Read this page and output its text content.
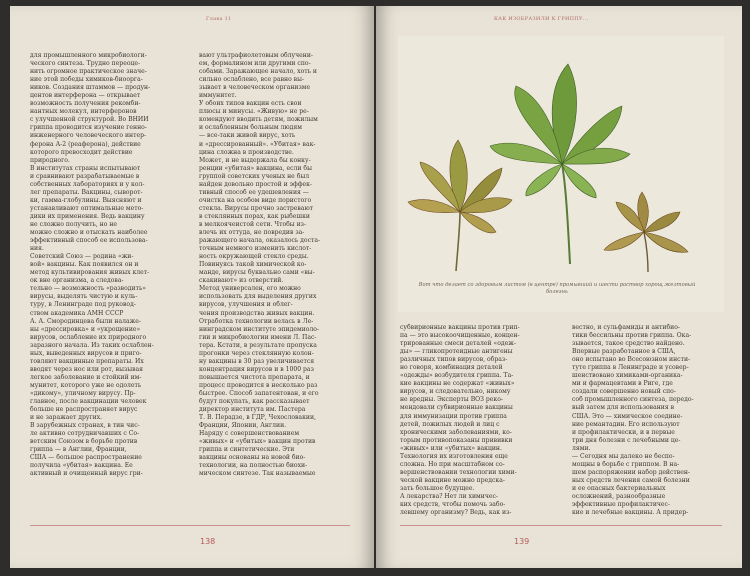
Глава 11
для промышленного микробиологи-
ческого синтеза. Трудно переоце-
нить огромное практическое значе-
ние этой победы химиков-биоорга-
ников. Создания штаммов — продун-
центов интерферона — открывает
возможность получения рекомби-
нантных молекул, интерферонов
с улучшенной структурой. Во ВНИИ
гриппа проводится изучение генно-
инженерного человеческого интер-
ферона А-2 (реаферона), действие
которого превосходит действие
природного.
В институтах страны испытывают
и сравнивают разрабатываемые в
собственных лабораториях и у кол-
лег препараты. Вакцины, сыворот-
ки, гамма-глобулины. Выясняют и
устанавливают оптимальные мето-
дики их применения. Ведь вакцину
не сложно получить, но не
можно сложно и отыскать наиболее
эффективный способ ее использова-
ния.
Советский Союз — родина «жи-
вой» вакцины. Как появился он и
метод культивирования живых клет-
ок вне организма, а следова-
тельно — возможность «разводить»
вирусы, выделять чистую и куль-
туру, в Ленинграде под руковод-
ством академика АМН СССР
А. А. Смородинцева были налаже-
ны «дрессировка» и «укрощение»
вирусов, ослабление их природного
заразного начала. Из таких ослаблен-
ных, выведенных вирусов и приго-
товляют вакцинные препараты. Их
вводят через нос или рот, вызывая
легкое заболевание и стойкий им-
мунитет, которого уже не одолеть
«дикому», уличному вирусу. Пр-
главное, после вакцинации человек
больше не распространяет вирус
и не заражает других.
В зарубежных странах, в тин чис-
ле активно сотрудничавших с Со-
ветским Союзом в борьбе против
гриппа — в Англии, Франции,
США — большое распространение
получила «убитая» вакцина. Ее
активный и очищенный вирус гри-
вают ультрафиолетовым облучени-
ем, формалином или другими спо-
собами. Заражающее начало, хоть и
сильно ослаблено, все равно вы-
зывает в человеческом организме
иммунитет.
У обоих типов вакцин есть свои
плюсы и минусы. «Живую» не ре-
комендуют вводить детям, пожилым
и ослабленным больным людям
— все-таки живой вирус, хоть
и «дрессированный». «Убитая» вак-
цина сложна в производстве.
Может, и не выдержала бы конку-
ренции «убитая» вакцина, если бы
группой советских ученых не был
найден довольно простой и эффек-
тивный способ ее удешевления —
очистка на особом виде пористого
стекла. Вирусы прочно застревают
в стеклянных порах, как рыбешки
в мелкоячеистой сети. Чтобы из-
влечь их оттуда, не повредив за-
ражающего начала, оказалось доста-
точным немного изменить кислот-
ность окружающей стекло среды.
Повинуясь такой химической ко-
манде, вирусы буквально сами «вы-
скакивают» из отверстий.
Метод универсален, его можно
использовать для выделения других
вирусов, улучшения и облег-
чения производства живых вакцин.
Отработка технологии велась в Ле-
нинградском институте эпидемиоло-
гии и микробиологии имени Л. Пас-
тера. Кстати, в результате пропуска
прогонки через стеклянную колон-
ну вакцины в 30 раз увеличивается
концентрация вирусов и в 1000 раз
повышается чистота препарата, и
процесс проводится в несколько раз
быстрее. Способ запатентован, и его
будут покупать, как рассказывает
директор института им. Пастера
Т. В. Перадзе, в ГДР, Чехословакии,
Франции, Японии, Англии.
Наряду с совершенствованием
«живых» и «убитых» вакцин против
гриппа и синтетические. Эти
вакцины основаны на новой био-
технологии, на полностью биохи-
мическом синтезе. Так называемые
138
КАК ИЗОБРАЗИЛИ К ГРИППУ...
Вот что делает со здоровым листом (в центре) промывший и шести раствор хорощ желтовый
болезнь
субвирионные вакцины против грип-
па — это высокоочищенные, концен-
трированные смеси деталей «одеж-
ды» — гликопротеидные антигены
различных типов вирусов, образ-
но говоря, комбинация деталей
«одежды» возбудителя гриппа. Та-
кие вакцины не содержат «живых»
вирусов, и следовательно, никому
не вредны. Эксперты ВОЗ реко-
мендовали субвирионные вакцины
для иммунизации против гриппа
детей, пожилых людей и лиц с
хроническими заболеваниями, ко-
торым противопоказаны прививки
«живых» или «убитых» вакцин.
Технология их изготовления еще
сложна. Но при масштабном со-
вершенствовании технологии хими-
ческой вакцине можно предска-
зать большое будущее.
А лекарства? Нет ли химичес-
ких средств, чтобы помочь забо-
левшему организму? Ведь, как из-
вестно, и сульфамиды и антибио-
тики бессильны против гриппа. Ока-
зывается, такое средство найдено.
Впервые разработанное в США,
оно испытано во Всесоюзном инсти-
туте гриппа в Ленинграде и усовер-
шенствовано химиками-органика-
ми и фармацевтами в Риге, где
создали совершенно новый спо-
соб промышленного синтеза, передо-
вый затем для использования в
США. Это — химическое соедине-
ние ремантадин. Его используют
и профилактически, и в первые
три дня болезни с лечебными це-
лями.
— Сегодня мы далеко не беспо-
мощны в борьбе с гриппом. В на-
шем распоряжении набор действен-
ных средств лечения самой болезни
и ее опасных бактериальных
осложнений, разнообразные
эффективные профилактичес-
кие и лечебные вакцины. А придер-
139
